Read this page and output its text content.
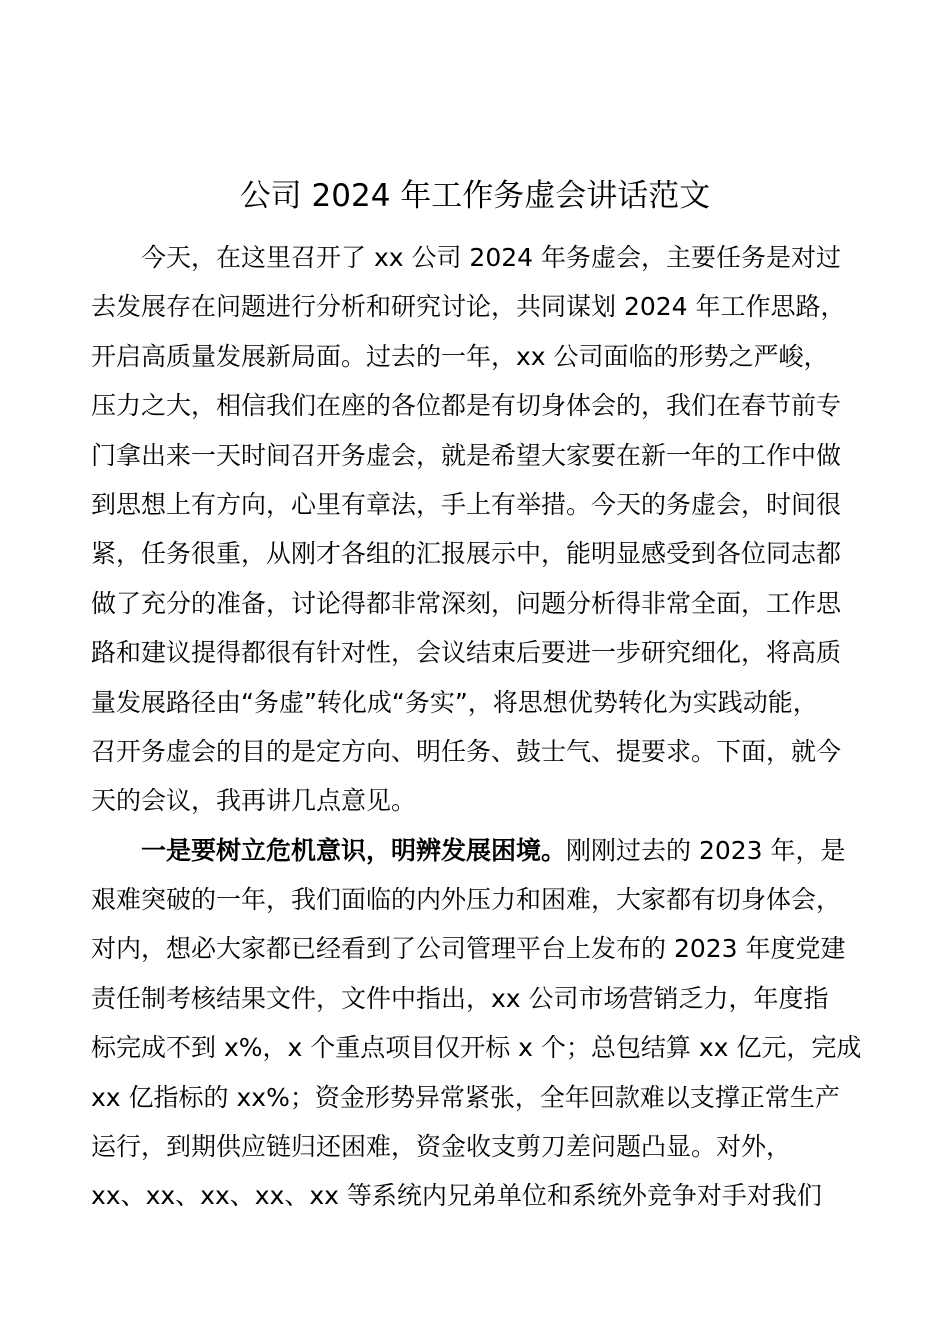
公司 2024 年工作务虚会讲话范文
今天，在这里召开了 xx 公司 2024 年务虚会，主要任务是对过
去发展存在问题进行分析和研究讨论，共同谋划 2024 年工作思路，
开启高质量发展新局面。过去的一年，xx 公司面临的形势之严峻，
压力之大，相信我们在座的各位都是有切身体会的，我们在春节前专
门拿出来一天时间召开务虚会，就是希望大家要在新一年的工作中做
到思想上有方向，心里有章法，手上有举措。今天的务虚会，时间很
紧，任务很重，从刚才各组的汇报展示中，能明显感受到各位同志都
做了充分的准备，讨论得都非常深刻，问题分析得非常全面，工作思
路和建议提得都很有针对性，会议结束后要进一步研究细化，将高质
量发展路径由“务虚”转化成“务实”，将思想优势转化为实践动能，
召开务虚会的目的是定方向、明任务、鼓士气、提要求。下面，就今
天的会议，我再讲几点意见。
一是要树立危机意识，明辨发展困境。刚刚过去的 2023 年，是
艰难突破的一年，我们面临的内外压力和困难，大家都有切身体会，
对内，想必大家都已经看到了公司管理平台上发布的 2023 年度党建
责任制考核结果文件，文件中指出，xx 公司市场营销乏力，年度指
标完成不到 x%，x 个重点项目仅开标 x 个；总包结算 xx 亿元，完成
xx 亿指标的 xx%；资金形势异常紧张，全年回款难以支撑正常生产
运行，到期供应链归还困难，资金收支剪刀差问题凸显。对外，
xx、xx、xx、xx、xx 等系统内兄弟单位和系统外竞争对手对我们
